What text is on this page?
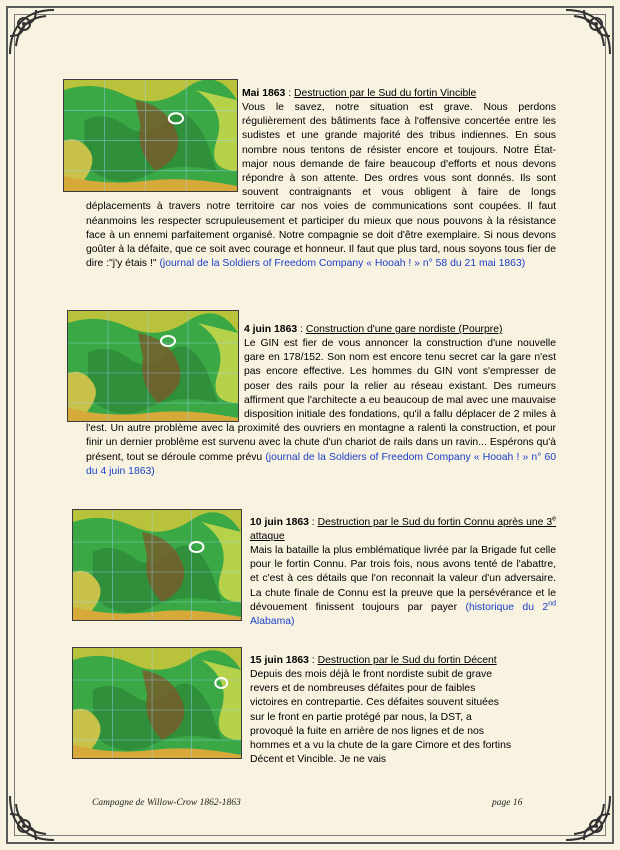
Mai 1863 : Destruction par le Sud du fortin Vincible

4 juin 1863 : Construction d'une gare nordiste (Pourpre)

10 juin 1863 : Destruction par le Sud du fortin Connu après une 3e attaque

Mais la bataille la plus emblématique livrée par la Brigade fut celle pour le fortin Connu. Par trois fois, nous avons tenté de l'abattre, et c'est à ces détails que l'on reconnait la valeur d'un adversaire. La chute finale de Connu est la preuve que la persévérance et le dévouement finissent toujours par payer (historique du 2nd Alabama)

15 juin 1863 : Destruction par le Sud du fortin Décent

Depuis des mois déjà le front nordiste subit de grave revers et de nombreuses défaites pour de faibles victoires en contrepartie. Ces défaites souvent situées sur le front en partie protégé par nous, la DST, a provoqué la fuite en arrière de nos lignes et de nos hommes et a vu la chute de la gare Cimore et des fortins Décent et Vincible. Je ne vais

Campagne de Willow-Crow 1862-1863	page 16

Vous le savez, notre situation est grave. Nous perdons régulièrement des bâtiments face à l'offensive concertée entre les sudistes et une grande majorité des tribus indiennes. En sous nombre nous tentons de résister encore et toujours. Notre État-major nous demande de faire beaucoup d'efforts et nous devons répondre à son attente. Des ordres vous sont donnés. Ils sont souvent contraignants et vous obligent à faire de longs déplacements à travers notre territoire car nos voies de communications sont coupées. Il faut néanmoins les respecter scrupuleusement et participer du mieux que nous pouvons à la résistance face à un ennemi parfaitement organisé. Notre compagnie se doit d'être exemplaire. Si nous devons goûter à la défaite, que ce soit avec courage et honneur. Il faut que plus tard, nous soyons tous fier de dire :"j'y étais !" (journal de la Soldiers of Freedom Company « Hooah ! » n° 58 du 21 mai 1863)

Le GIN est fier de vous annoncer la construction d'une nouvelle gare en 178/152. Son nom est encore tenu secret car la gare n'est pas encore effective. Les hommes du GIN vont s'empresser de poser des rails pour la relier au réseau existant. Des rumeurs affirment que l'architecte a eu beaucoup de mal avec une mauvaise disposition initiale des fondations, qu'il a fallu déplacer de 2 miles à l'est. Un autre problème avec la proximité des ouvriers en montagne a ralenti la construction, et pour finir un dernier problème est survenu avec la chute d'un chariot de rails dans un ravin... Espérons qu'à présent, tout se déroule comme prévu (journal de la Soldiers of Freedom Company « Hooah ! » n° 60 du 4 juin 1863)
